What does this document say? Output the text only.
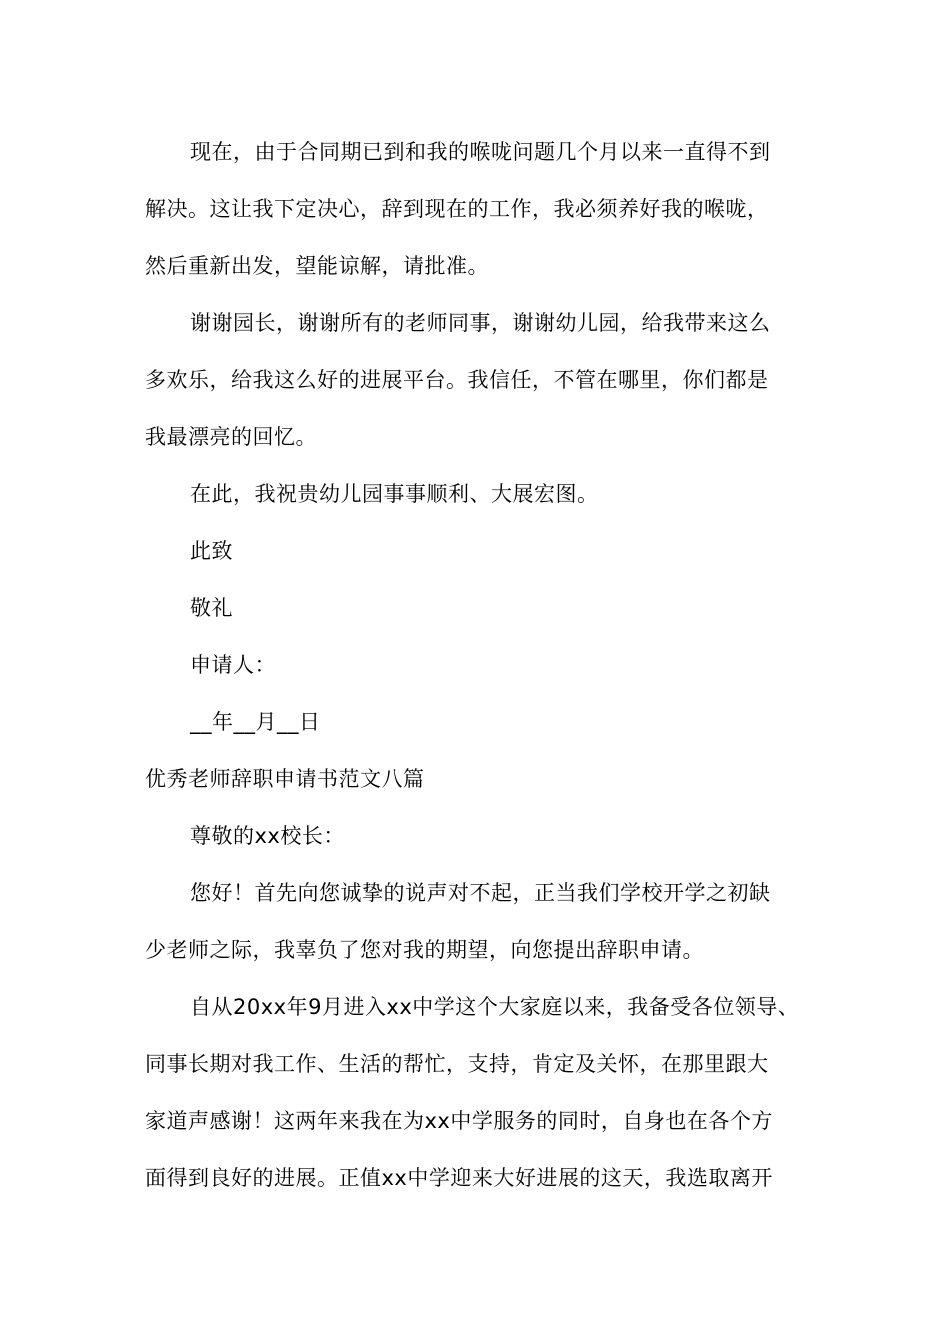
现在，由于合同期已到和我的喉咙问题几个月以来一直得不到
解决。这让我下定决心，辞到现在的工作，我必须养好我的喉咙，
然后重新出发，望能谅解，请批准。
谢谢园长，谢谢所有的老师同事，谢谢幼儿园，给我带来这么
多欢乐，给我这么好的进展平台。我信任，不管在哪里，你们都是
我最漂亮的回忆。
在此，我祝贵幼儿园事事顺利、大展宏图。
此致
敬礼
申请人：
__年__月__日
优秀老师辞职申请书范文八篇
尊敬的xx校长：
您好！首先向您诚挚的说声对不起，正当我们学校开学之初缺
少老师之际，我辜负了您对我的期望，向您提出辞职申请。
自从20xx年9月进入xx中学这个大家庭以来，我备受各位领导、
同事长期对我工作、生活的帮忙，支持，肯定及关怀，在那里跟大
家道声感谢！这两年来我在为xx中学服务的同时，自身也在各个方
面得到良好的进展。正值xx中学迎来大好进展的这天，我选取离开
